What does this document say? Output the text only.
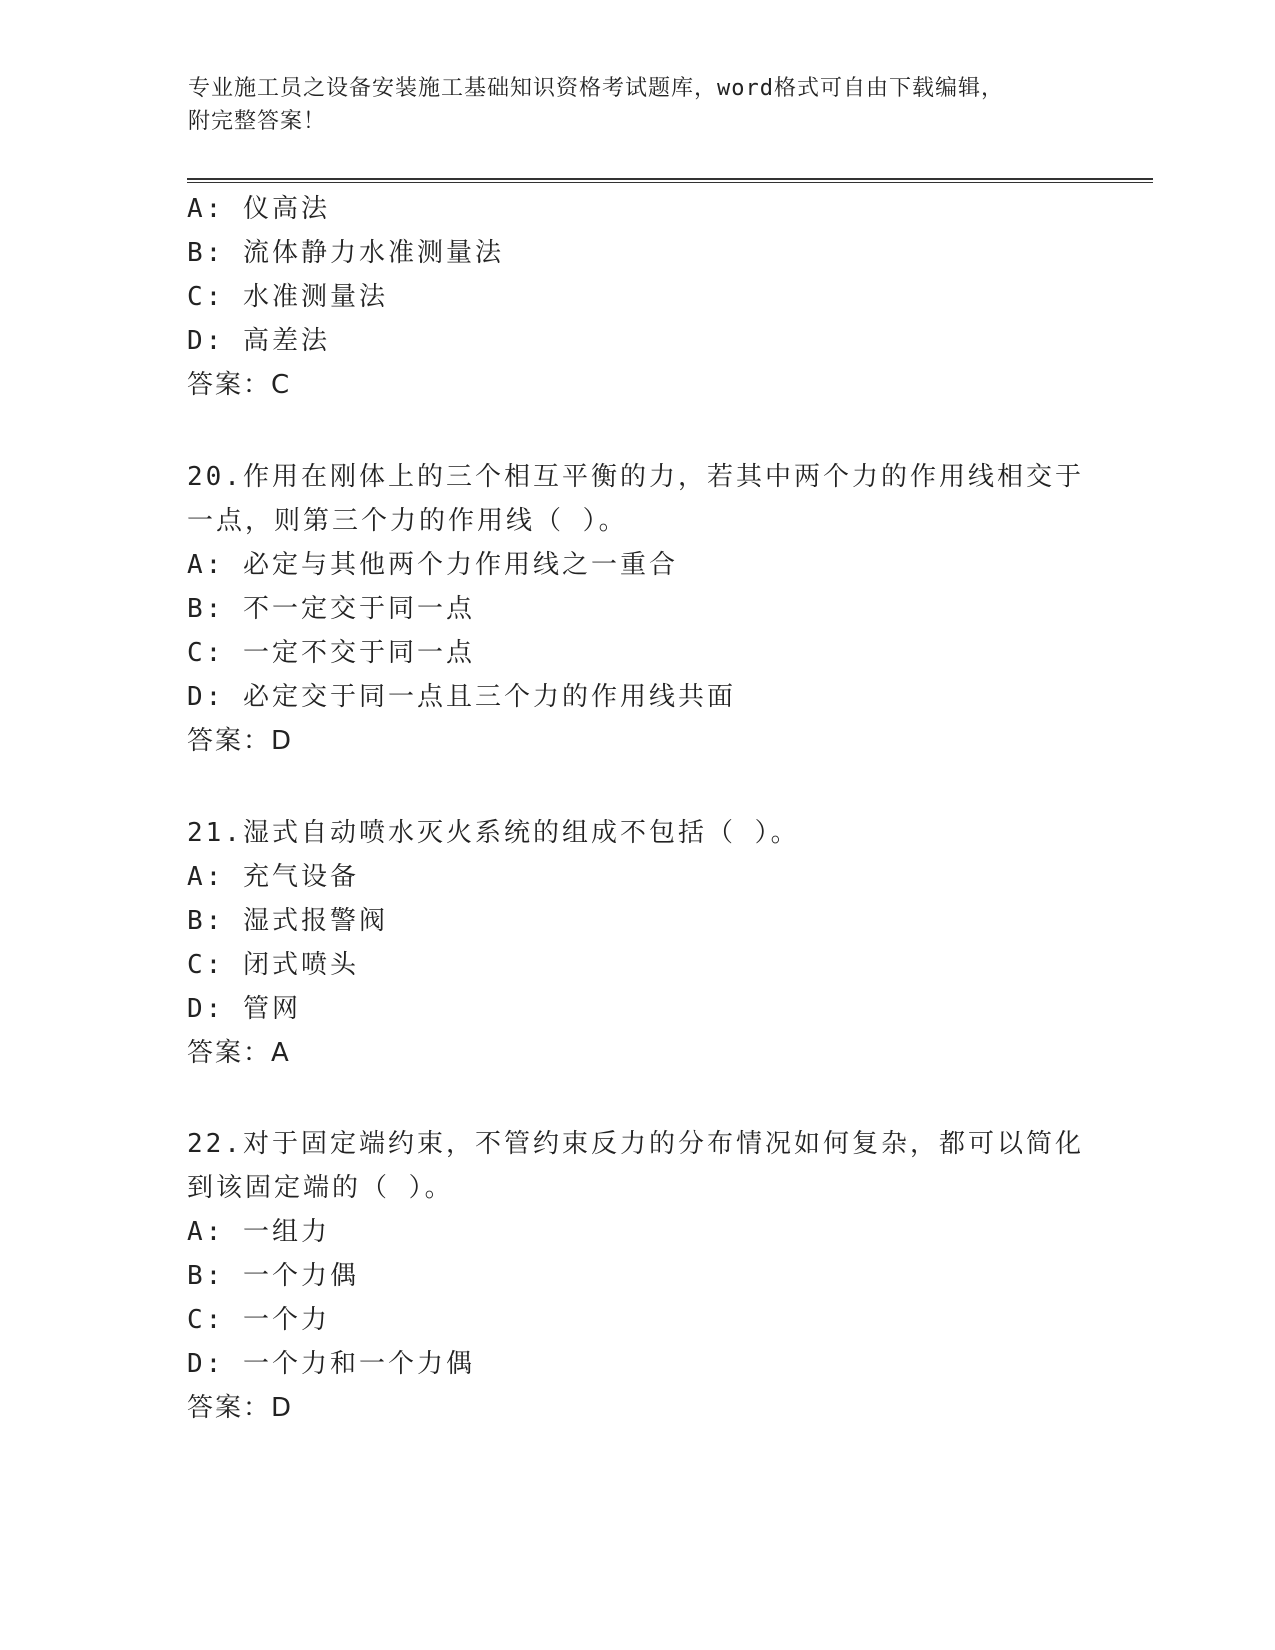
专业施工员之设备安装施工基础知识资格考试题库，word格式可自由下载编辑，
附完整答案！
A: 仪高法
B: 流体静力水准测量法
C: 水准测量法
D: 高差法
答案：C
20.作用在刚体上的三个相互平衡的力，若其中两个力的作用线相交于
一点，则第三个力的作用线（ ）。
A: 必定与其他两个力作用线之一重合
B: 不一定交于同一点
C: 一定不交于同一点
D: 必定交于同一点且三个力的作用线共面
答案：D
21.湿式自动喷水灭火系统的组成不包括（ ）。
A: 充气设备
B: 湿式报警阀
C: 闭式喷头
D: 管网
答案：A
22.对于固定端约束，不管约束反力的分布情况如何复杂，都可以简化
到该固定端的（ ）。
A: 一组力
B: 一个力偶
C: 一个力
D: 一个力和一个力偶
答案：D
